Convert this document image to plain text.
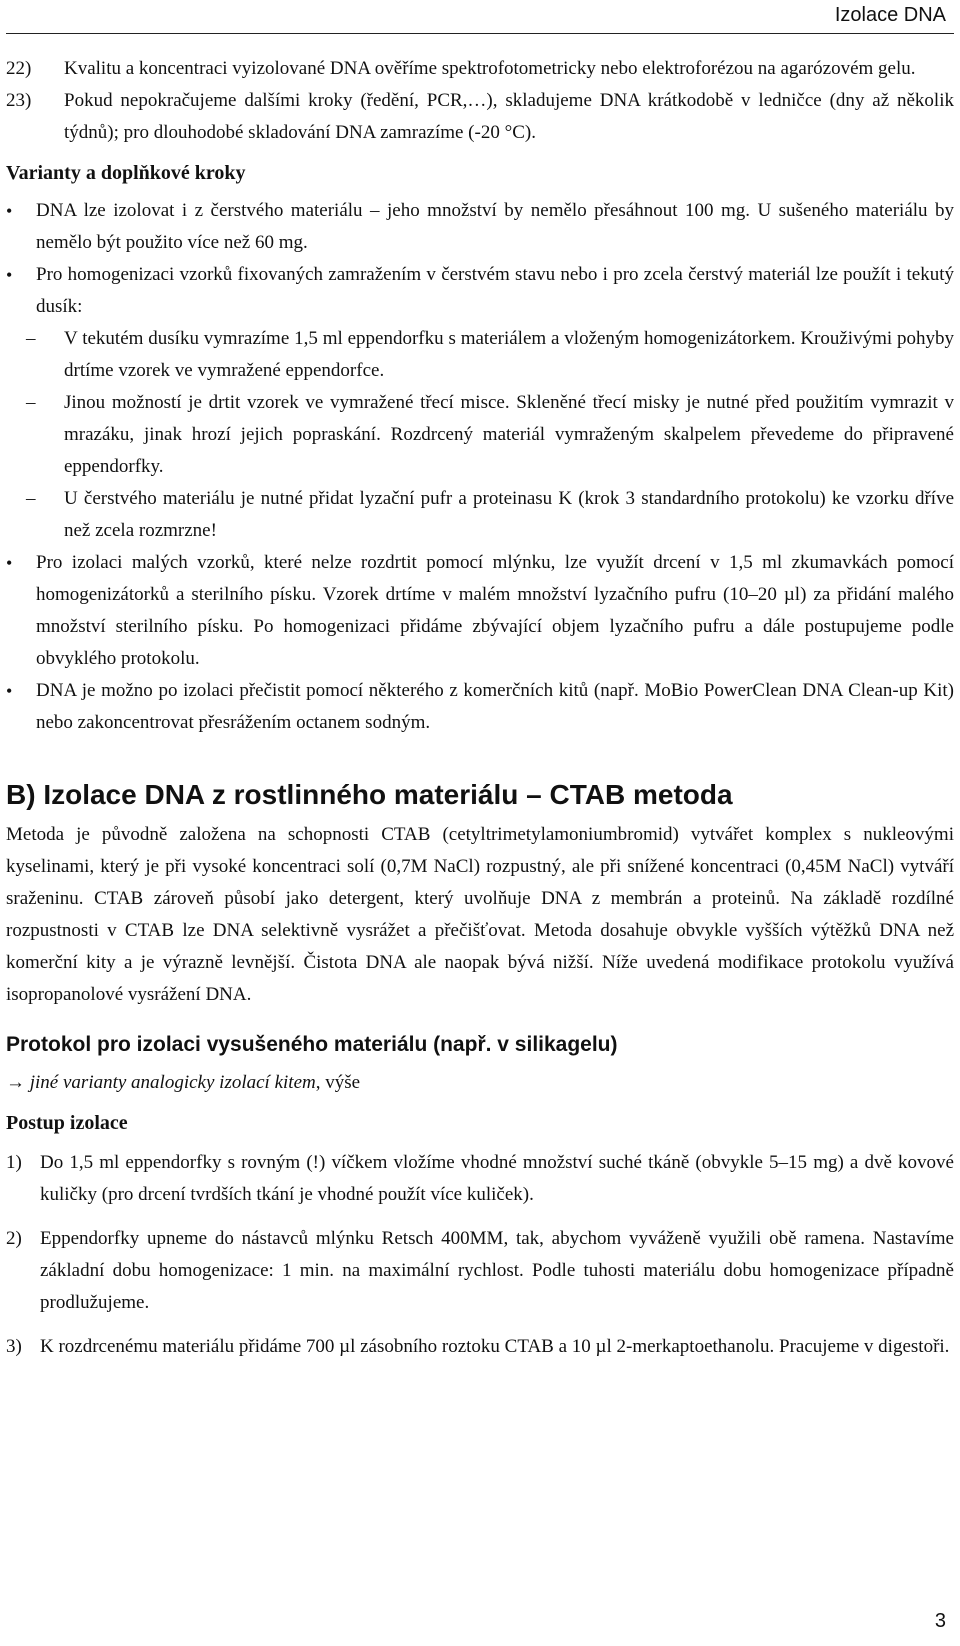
Izolace DNA

22) Kvalitu a koncentraci vyizolované DNA ověříme spektrofotometricky nebo elektroforézou na agarózovém gelu.

23) Pokud nepokračujeme dalšími kroky (ředění, PCR,…), skladujeme DNA krátkodobě v ledničce (dny až několik týdnů); pro dlouhodobé skladování DNA zamrazíme (-20 °C).

Varianty a doplňkové kroky

• DNA lze izolovat i z čerstvého materiálu – jeho množství by nemělo přesáhnout 100 mg. U sušeného materiálu by nemělo být použito více než 60 mg.

• Pro homogenizaci vzorků fixovaných zamražením v čerstvém stavu nebo i pro zcela čerstvý materiál lze použít i tekutý dusík:

– V tekutém dusíku vymrazíme 1,5 ml eppendorfku s materiálem a vloženým homogenizátorkem. Krouživými pohyby drtíme vzorek ve vymražené eppendorfce.

– Jinou možností je drtit vzorek ve vymražené třecí misce. Skleněné třecí misky je nutné před použitím vymrazit v mrazáku, jinak hrozí jejich popraskání. Rozdrcený materiál vymraženým skalpelem převedeme do připravené eppendorfky.

– U čerstvého materiálu je nutné přidat lyzační pufr a proteinasu K (krok 3 standardního protokolu) ke vzorku dříve než zcela rozmrzne!

• Pro izolaci malých vzorků, které nelze rozdrtit pomocí mlýnku, lze využít drcení v 1,5 ml zkumavkách pomocí homogenizátorků a sterilního písku. Vzorek drtíme v malém množství lyzačního pufru (10–20 µl) za přidání malého množství sterilního písku. Po homogenizaci přidáme zbývající objem lyzačního pufru a dále postupujeme podle obvyklého protokolu.

• DNA je možno po izolaci přečistit pomocí některého z komerčních kitů (např. MoBio PowerClean DNA Clean-up Kit) nebo zakoncentrovat přesrážením octanem sodným.

B) Izolace DNA z rostlinného materiálu – CTAB metoda

Metoda je původně založena na schopnosti CTAB (cetyltrimetylamoniumbromid) vytvářet komplex s nukleovými kyselinami, který je při vysoké koncentraci solí (0,7M NaCl) rozpustný, ale při snížené koncentraci (0,45M NaCl) vytváří sraženinu. CTAB zároveň působí jako detergent, který uvolňuje DNA z membrán a proteinů. Na základě rozdílné rozpustnosti v CTAB lze DNA selektivně vysrážet a přečišťovat. Metoda dosahuje obvykle vyšších výtěžků DNA než komerční kity a je výrazně levnější. Čistota DNA ale naopak bývá nižší. Níže uvedená modifikace protokolu využívá isopropanolové vysrážení DNA.

Protokol pro izolaci vysušeného materiálu (např. v silikagelu)

→ jiné varianty analogicky izolací kitem, výše

Postup izolace

1) Do 1,5 ml eppendorfky s rovným (!) víčkem vložíme vhodné množství suché tkáně (obvykle 5–15 mg) a dvě kovové kuličky (pro drcení tvrdších tkání je vhodné použít více kuliček).

2) Eppendorfky upneme do nástavců mlýnku Retsch 400MM, tak, abychom vyváženě využili obě ramena. Nastavíme základní dobu homogenizace: 1 min. na maximální rychlost. Podle tuhosti materiálu dobu homogenizace případně prodlužujeme.

3) K rozdrcenému materiálu přidáme 700 µl zásobního roztoku CTAB a 10 µl 2-merkaptoethanolu. Pracujeme v digestoři.

3
